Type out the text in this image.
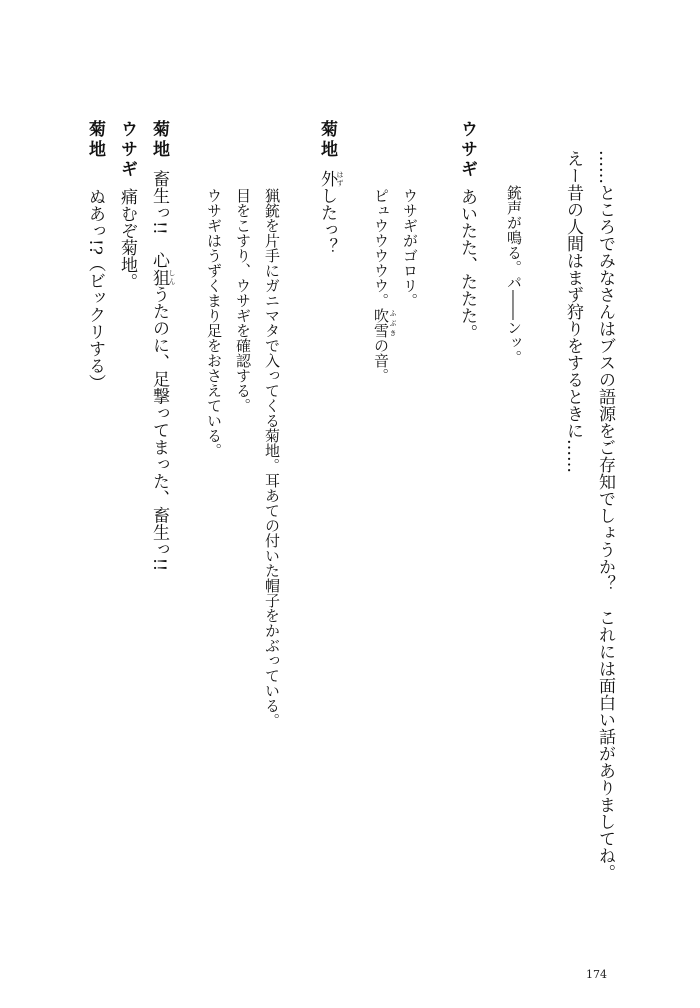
……ところでみなさんはブスの語源をご存知でしょうか？　これには面白い話がありましてね。
えー昔の人間はまず狩りをするときに……
銃声が鳴る。パ――ンッ。
ウサギ
あいたた、たたた。
ウサギがゴロリ。
ピュウウウウウ。吹雪 ふぶきの音。
菊地
外 はずしたっ？
猟銃を片手にガニマタで入ってくる菊地。耳あての付いた帽子をかぶっている。
目をこすり、ウサギを確認する。
ウサギはうずくまり足をおさえている。
菊地
畜生っ!!　心狙 しんうたのに、足撃ってまった、畜生っ!!
ウサギ
痛むぞ菊地。
菊地
ぬあっ!?（ビックリする）
174
